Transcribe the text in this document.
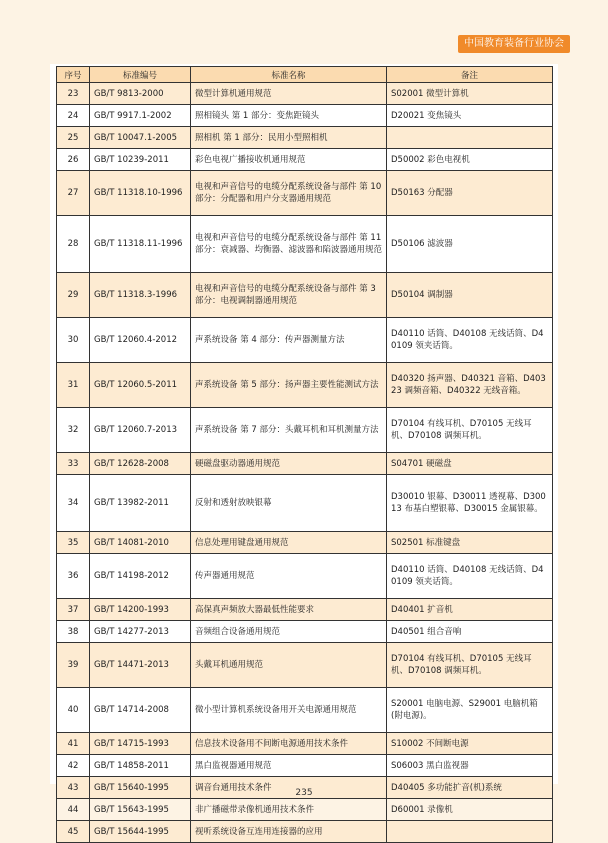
中国教育装备行业协会
序号	标准编号	标准名称	备注
23	GB/T 9813-2000	微型计算机通用规范	S02001 微型计算机
24	GB/T 9917.1-2002	照相镜头 第 1 部分：变焦距镜头	D20021 变焦镜头
25	GB/T 10047.1-2005	照相机 第 1 部分：民用小型照相机	
26	GB/T 10239-2011	彩色电视广播接收机通用规范	D50002 彩色电视机
27	GB/T 11318.10-1996	电视和声音信号的电缆分配系统设备与部件 第 10 部分：分配器和用户分支器通用规范	D50163 分配器
28	GB/T 11318.11-1996	电视和声音信号的电缆分配系统设备与部件 第 11 部分：衰减器、均衡器、滤波器和陷波器通用规范	D50106 滤波器
29	GB/T 11318.3-1996	电视和声音信号的电缆分配系统设备与部件 第 3 部分：电视调制器通用规范	D50104 调制器
30	GB/T 12060.4-2012	声系统设备 第 4 部分：传声器测量方法	D40110 话筒、D40108 无线话筒、D40109 领夹话筒。
31	GB/T 12060.5-2011	声系统设备 第 5 部分：扬声器主要性能测试方法	D40320 扬声器、D40321 音箱、D40323 调频音箱、D40322 无线音箱。
32	GB/T 12060.7-2013	声系统设备 第 7 部分：头戴耳机和耳机测量方法	D70104 有线耳机、D70105 无线耳机、D70108 调频耳机。
33	GB/T 12628-2008	硬磁盘驱动器通用规范	S04701 硬磁盘
34	GB/T 13982-2011	反射和透射放映银幕	D30010 银幕、D30011 透视幕、D30013 布基白塑银幕、D30015 金属银幕。
35	GB/T 14081-2010	信息处理用键盘通用规范	S02501 标准键盘
36	GB/T 14198-2012	传声器通用规范	D40110 话筒、D40108 无线话筒、D40109 领夹话筒。
37	GB/T 14200-1993	高保真声频放大器最低性能要求	D40401 扩音机
38	GB/T 14277-2013	音频组合设备通用规范	D40501 组合音响
39	GB/T 14471-2013	头戴耳机通用规范	D70104 有线耳机、D70105 无线耳机、D70108 调频耳机。
40	GB/T 14714-2008	微小型计算机系统设备用开关电源通用规范	S20001 电脑电源、S29001 电脑机箱(附电源)。
41	GB/T 14715-1993	信息技术设备用不间断电源通用技术条件	S10002 不间断电源
42	GB/T 14858-2011	黑白监视器通用规范	S06003 黑白监视器
43	GB/T 15640-1995	调音台通用技术条件	D40405 多功能扩音(机)系统
44	GB/T 15643-1995	非广播磁带录像机通用技术条件	D60001 录像机
45	GB/T 15644-1995	视听系统设备互连用连接器的应用	
235
